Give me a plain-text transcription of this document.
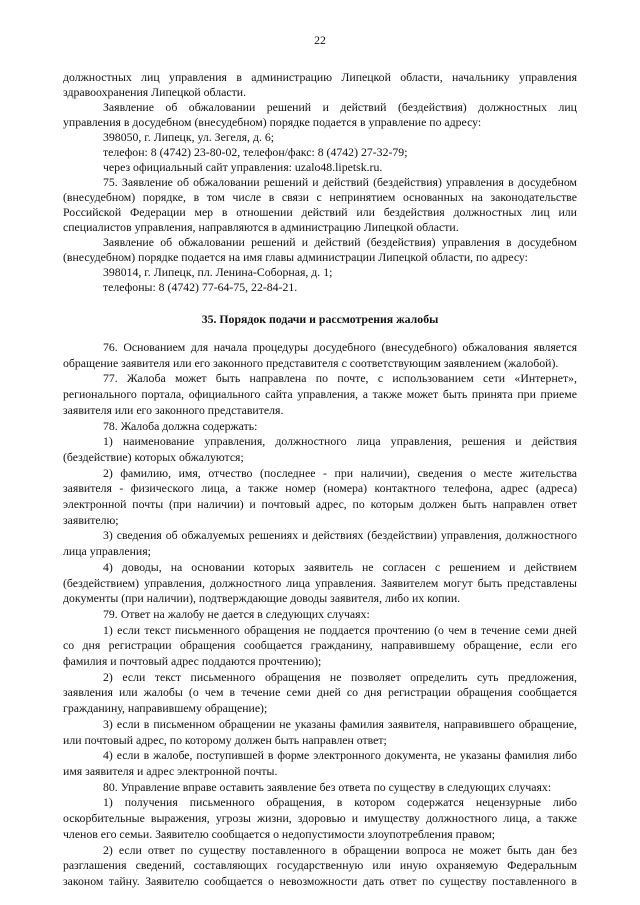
22
должностных лиц управления в администрацию Липецкой области, начальнику управления
здравоохранения Липецкой области.
Заявление об обжаловании решений и действий (бездействия) должностных лиц
управления в досудебном (внесудебном) порядке подается в управление по адресу:
398050, г. Липецк, ул. Зегеля, д. 6;
телефон: 8 (4742) 23-80-02, телефон/факс: 8 (4742) 27-32-79;
через официальный сайт управления: uzalo48.lipetsk.ru.
75. Заявление об обжаловании решений и действий (бездействия) управления в досудебном
(внесудебном) порядке, в том числе в связи с непринятием основанных на законодательстве
Российской Федерации мер в отношении действий или бездействия должностных лиц или
специалистов управления, направляются в администрацию Липецкой области.
Заявление об обжаловании решений и действий (бездействия) управления в досудебном
(внесудебном) порядке подается на имя главы администрации Липецкой области, по адресу:
398014, г. Липецк, пл. Ленина-Соборная, д. 1;
телефоны: 8 (4742) 77-64-75, 22-84-21.
35. Порядок подачи и рассмотрения жалобы
76. Основанием для начала процедуры досудебного (внесудебного) обжалования является
обращение заявителя или его законного представителя с соответствующим заявлением (жалобой).
77. Жалоба может быть направлена по почте, с использованием сети «Интернет»,
регионального портала, официального сайта управления, а также может быть принята при приеме
заявителя или его законного представителя.
78. Жалоба должна содержать:
1) наименование управления, должностного лица управления, решения и действия
(бездействие) которых обжалуются;
2) фамилию, имя, отчество (последнее - при наличии), сведения о месте жительства
заявителя - физического лица, а также номер (номера) контактного телефона, адрес (адреса)
электронной почты (при наличии) и почтовый адрес, по которым должен быть направлен ответ
заявителю;
3) сведения об обжалуемых решениях и действиях (бездействии) управления, должностного
лица управления;
4) доводы, на основании которых заявитель не согласен с решением и действием
(бездействием) управления, должностного лица управления. Заявителем могут быть представлены
документы (при наличии), подтверждающие доводы заявителя, либо их копии.
79. Ответ на жалобу не дается в следующих случаях:
1) если текст письменного обращения не поддается прочтению (о чем в течение семи дней
со дня регистрации обращения сообщается гражданину, направившему обращение, если его
фамилия и почтовый адрес поддаются прочтению);
2) если текст письменного обращения не позволяет определить суть предложения,
заявления или жалобы (о чем в течение семи дней со дня регистрации обращения сообщается
гражданину, направившему обращение);
3) если в письменном обращении не указаны фамилия заявителя, направившего обращение,
или почтовый адрес, по которому должен быть направлен ответ;
4) если в жалобе, поступившей в форме электронного документа, не указаны фамилия либо
имя заявителя и адрес электронной почты.
80. Управление вправе оставить заявление без ответа по существу в следующих случаях:
1) получения письменного обращения, в котором содержатся нецензурные либо
оскорбительные выражения, угрозы жизни, здоровью и имуществу должностного лица, а также
членов его семьи. Заявителю сообщается о недопустимости злоупотребления правом;
2) если ответ по существу поставленного в обращении вопроса не может быть дан без
разглашения сведений, составляющих государственную или иную охраняемую Федеральным
законом тайну. Заявителю сообщается о невозможности дать ответ по существу поставленного в
